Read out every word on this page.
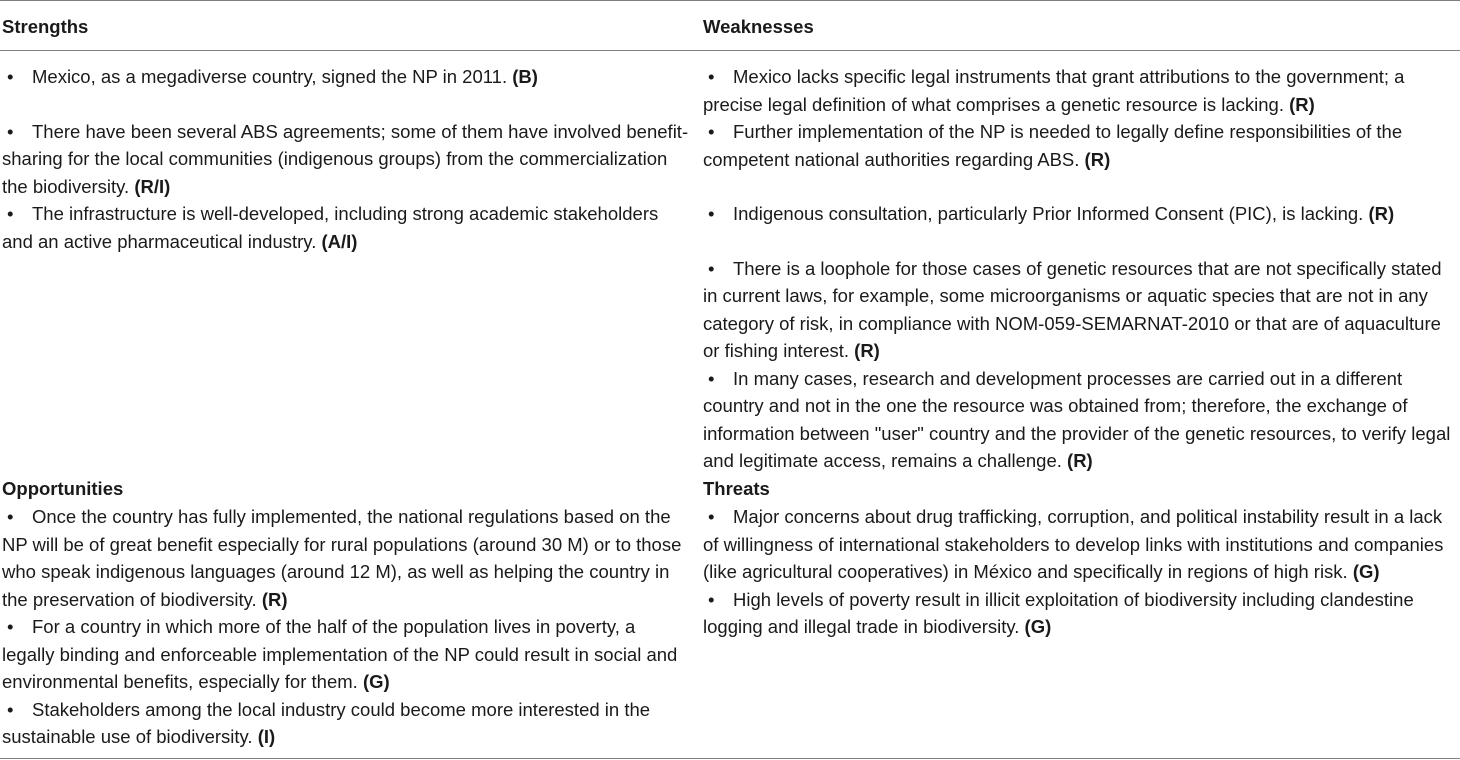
Strengths	Weaknesses

• Mexico, as a megadiverse country, signed the NP in 2011. (B)

• There have been several ABS agreements; some of them have involved benefit-sharing for the local communities (indigenous groups) from the commercialization the biodiversity. (R/I)

• The infrastructure is well-developed, including strong academic stakeholders and an active pharmaceutical industry. (A/I)

• Mexico lacks specific legal instruments that grant attributions to the government; a precise legal definition of what comprises a genetic resource is lacking. (R)

• Further implementation of the NP is needed to legally define responsibilities of the competent national authorities regarding ABS. (R)

• Indigenous consultation, particularly Prior Informed Consent (PIC), is lacking. (R)

• There is a loophole for those cases of genetic resources that are not specifically stated in current laws, for example, some microorganisms or aquatic species that are not in any category of risk, in compliance with NOM-059-SEMARNAT-2010 or that are of aquaculture or fishing interest. (R)

• In many cases, research and development processes are carried out in a different country and not in the one the resource was obtained from; therefore, the exchange of information between "user" country and the provider of the genetic resources, to verify legal and legitimate access, remains a challenge. (R)

Opportunities

• Once the country has fully implemented, the national regulations based on the NP will be of great benefit especially for rural populations (around 30 M) or to those who speak indigenous languages (around 12 M), as well as helping the country in the preservation of biodiversity. (R)

• For a country in which more of the half of the population lives in poverty, a legally binding and enforceable implementation of the NP could result in social and environmental benefits, especially for them. (G)

• Stakeholders among the local industry could become more interested in the sustainable use of biodiversity. (I)

Threats

• Major concerns about drug trafficking, corruption, and political instability result in a lack of willingness of international stakeholders to develop links with institutions and companies (like agricultural cooperatives) in México and specifically in regions of high risk. (G)

• High levels of poverty result in illicit exploitation of biodiversity including clandestine logging and illegal trade in biodiversity. (G)
